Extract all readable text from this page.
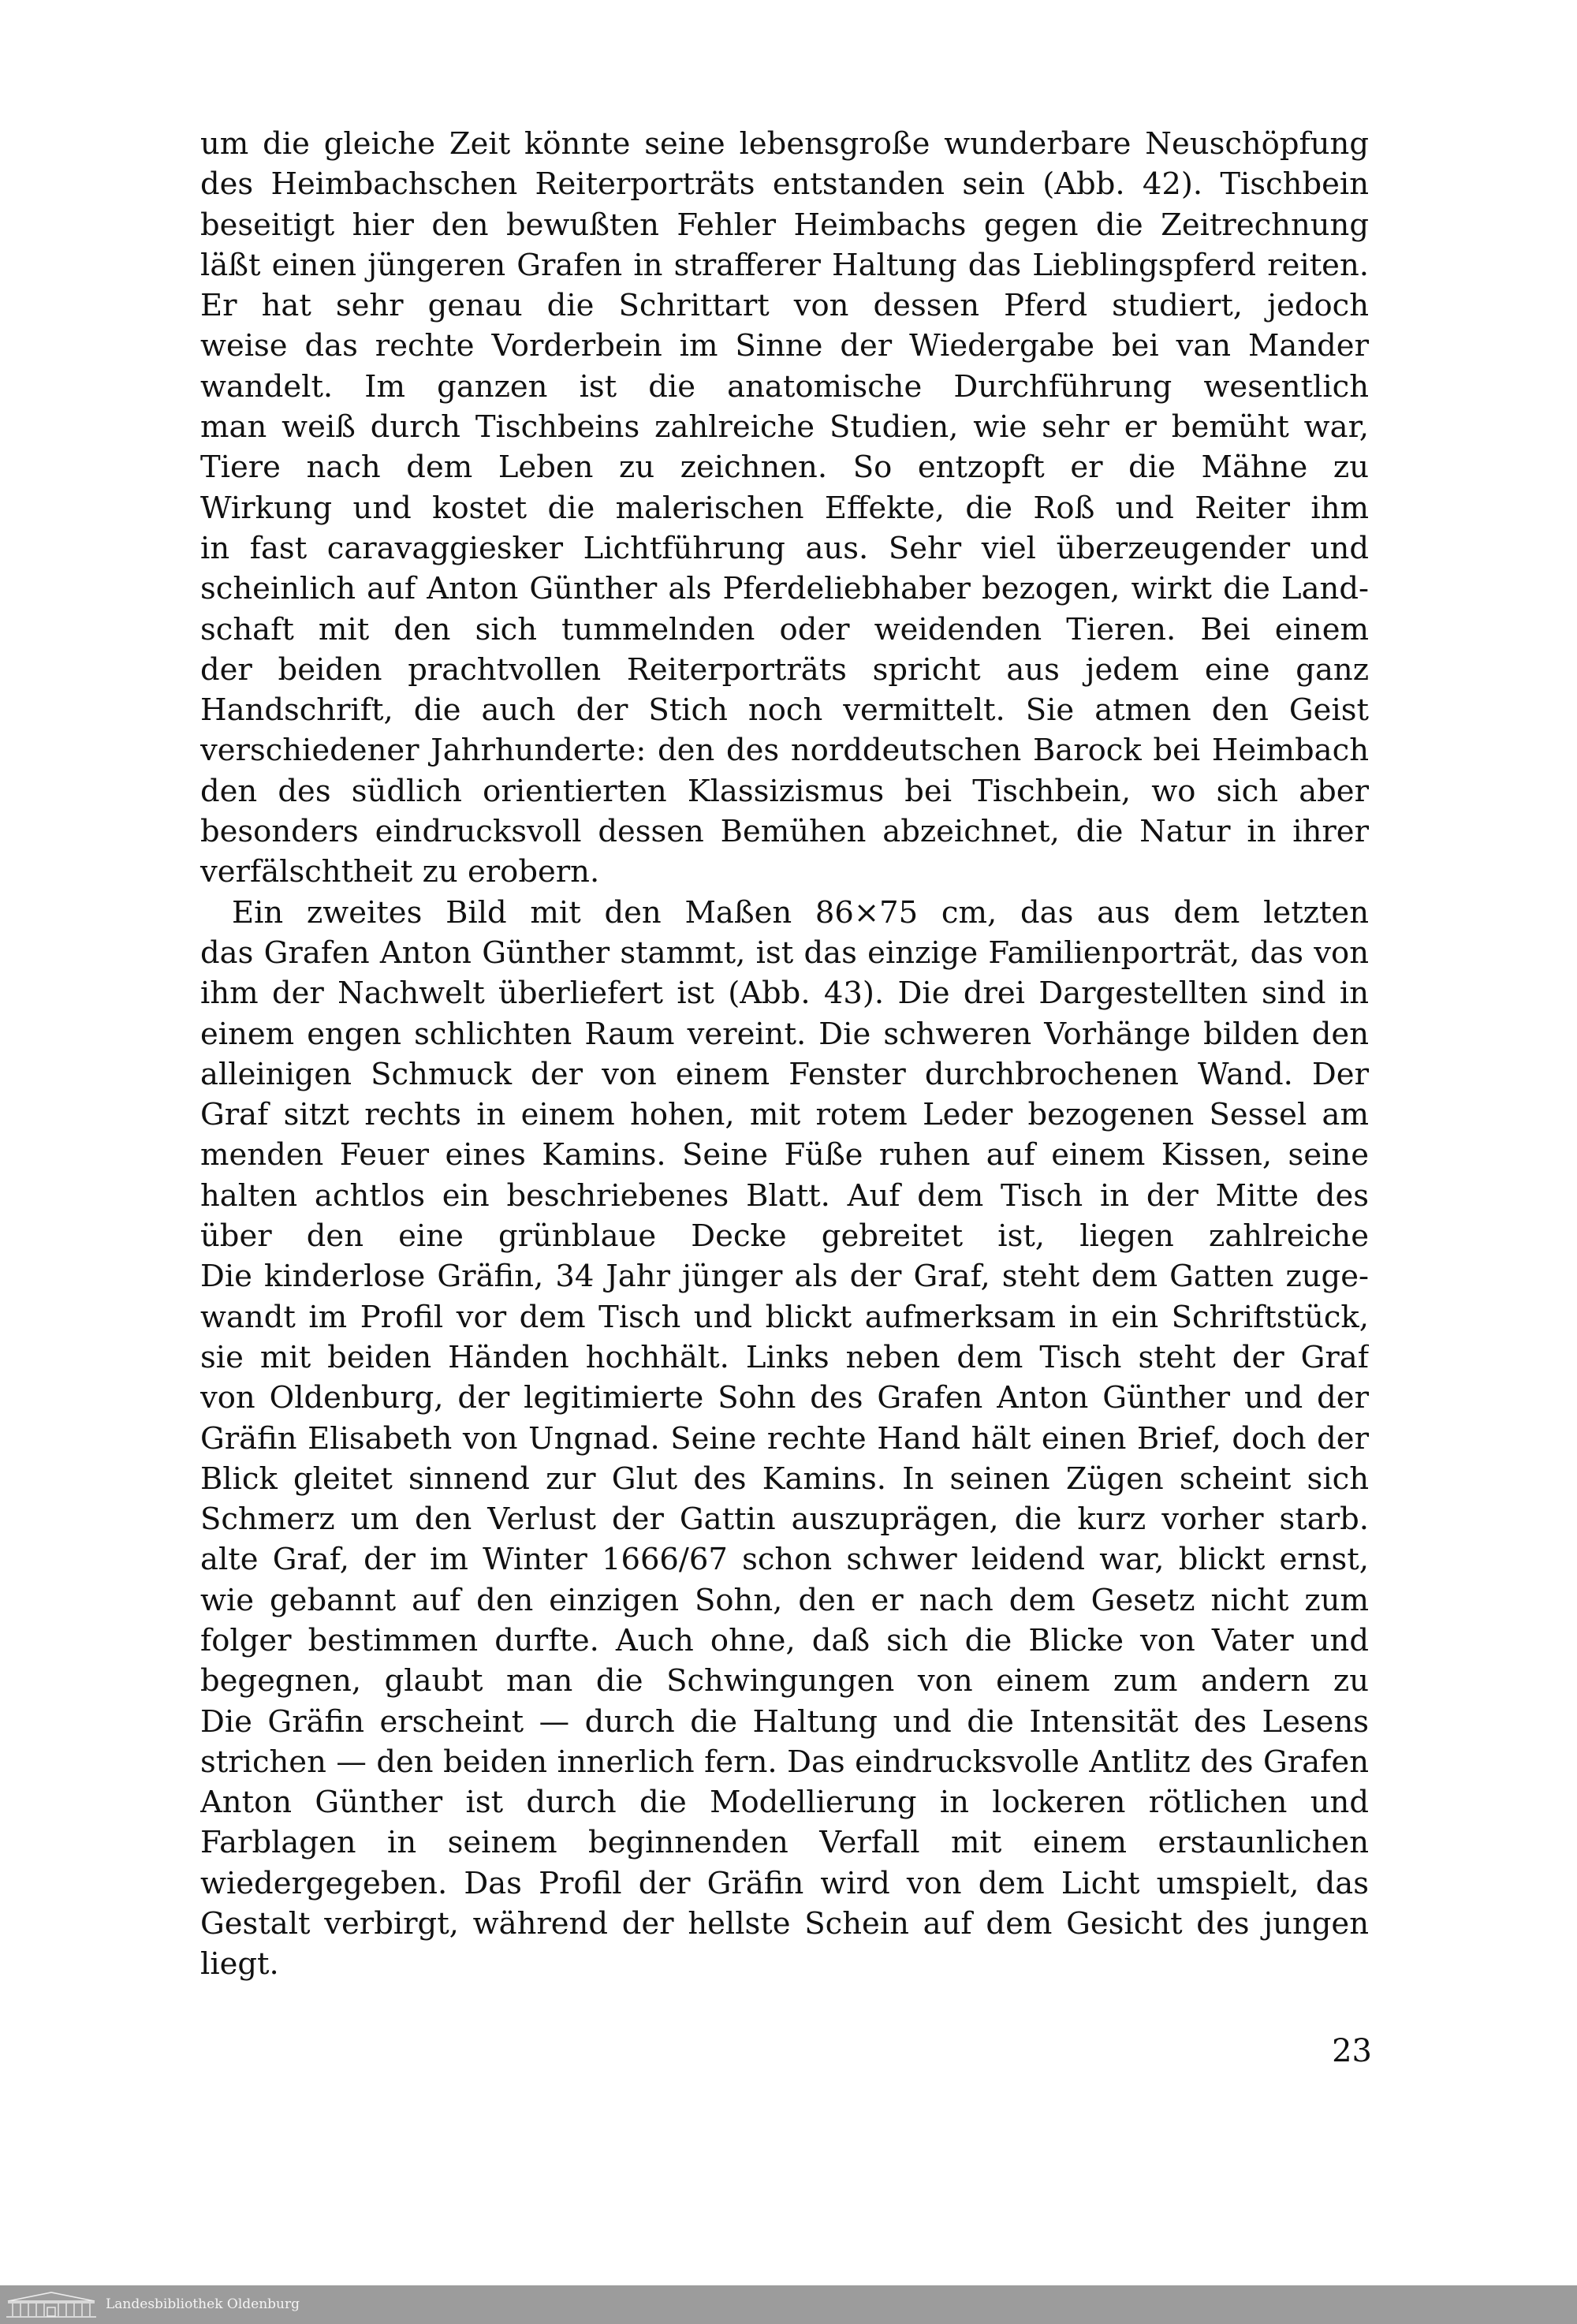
um die gleiche Zeit könnte seine lebensgroße wunderbare Neuschöpfung
des Heimbachschen Reiterporträts entstanden sein (Abb. 42). Tischbein
beseitigt hier den bewußten Fehler Heimbachs gegen die Zeitrechnung
läßt einen jüngeren Grafen in strafferer Haltung das Lieblingspferd reiten.
Er hat sehr genau die Schrittart von dessen Pferd studiert, jedoch
weise das rechte Vorderbein im Sinne der Wiedergabe bei van Mander
wandelt. Im ganzen ist die anatomische Durchführung wesentlich
man weiß durch Tischbeins zahlreiche Studien, wie sehr er bemüht war,
Tiere nach dem Leben zu zeichnen. So entzopft er die Mähne zu
Wirkung und kostet die malerischen Effekte, die Roß und Reiter ihm
in fast caravaggiesker Lichtführung aus. Sehr viel überzeugender und
scheinlich auf Anton Günther als Pferdeliebhaber bezogen, wirkt die Land-
schaft mit den sich tummelnden oder weidenden Tieren. Bei einem
der beiden prachtvollen Reiterporträts spricht aus jedem eine ganz
Handschrift, die auch der Stich noch vermittelt. Sie atmen den Geist
verschiedener Jahrhunderte: den des norddeutschen Barock bei Heimbach
den des südlich orientierten Klassizismus bei Tischbein, wo sich aber
besonders eindrucksvoll dessen Bemühen abzeichnet, die Natur in ihrer
verfälschtheit zu erobern.
Ein zweites Bild mit den Maßen 86×75 cm, das aus dem letzten
das Grafen Anton Günther stammt, ist das einzige Familienporträt, das von
ihm der Nachwelt überliefert ist (Abb. 43). Die drei Dargestellten sind in
einem engen schlichten Raum vereint. Die schweren Vorhänge bilden den
alleinigen Schmuck der von einem Fenster durchbrochenen Wand. Der
Graf sitzt rechts in einem hohen, mit rotem Leder bezogenen Sessel am
menden Feuer eines Kamins. Seine Füße ruhen auf einem Kissen, seine
halten achtlos ein beschriebenes Blatt. Auf dem Tisch in der Mitte des
über den eine grünblaue Decke gebreitet ist, liegen zahlreiche
Die kinderlose Gräfin, 34 Jahr jünger als der Graf, steht dem Gatten zuge-
wandt im Profil vor dem Tisch und blickt aufmerksam in ein Schriftstück,
sie mit beiden Händen hochhält. Links neben dem Tisch steht der Graf
von Oldenburg, der legitimierte Sohn des Grafen Anton Günther und der
Gräfin Elisabeth von Ungnad. Seine rechte Hand hält einen Brief, doch der
Blick gleitet sinnend zur Glut des Kamins. In seinen Zügen scheint sich
Schmerz um den Verlust der Gattin auszuprägen, die kurz vorher starb.
alte Graf, der im Winter 1666/67 schon schwer leidend war, blickt ernst,
wie gebannt auf den einzigen Sohn, den er nach dem Gesetz nicht zum
folger bestimmen durfte. Auch ohne, daß sich die Blicke von Vater und
begegnen, glaubt man die Schwingungen von einem zum andern zu
Die Gräfin erscheint — durch die Haltung und die Intensität des Lesens
strichen — den beiden innerlich fern. Das eindrucksvolle Antlitz des Grafen
Anton Günther ist durch die Modellierung in lockeren rötlichen und
Farblagen in seinem beginnenden Verfall mit einem erstaunlichen
wiedergegeben. Das Profil der Gräfin wird von dem Licht umspielt, das
Gestalt verbirgt, während der hellste Schein auf dem Gesicht des jungen
liegt.
23
Landesbibliothek Oldenburg
